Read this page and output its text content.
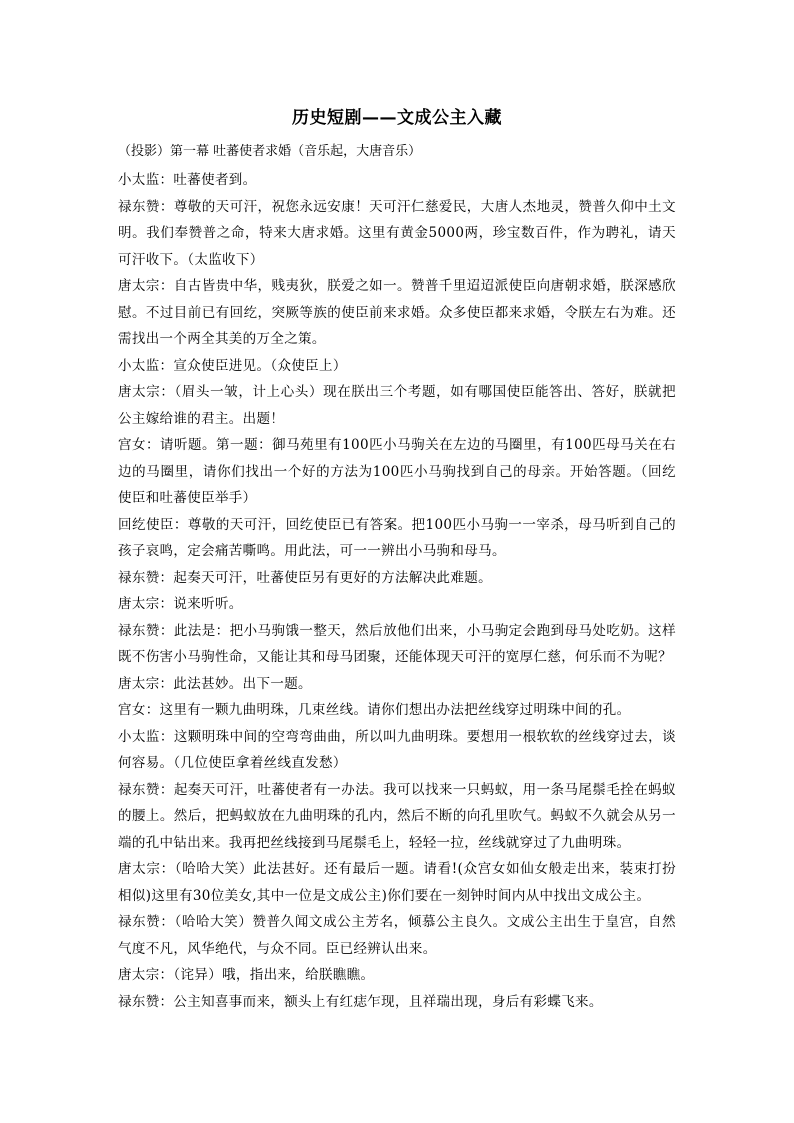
历史短剧——文成公主入藏

（投影）第一幕 吐蕃使者求婚（音乐起，大唐音乐）

小太监：吐蕃使者到。

禄东赞：尊敬的天可汗，祝您永远安康！天可汗仁慈爱民，大唐人杰地灵，赞普久仰中土文明。我们奉赞普之命，特来大唐求婚。这里有黄金5000两，珍宝数百件，作为聘礼，请天可汗收下。（太监收下）

唐太宗：自古皆贵中华，贱夷狄，朕爱之如一。赞普千里迢迢派使臣向唐朝求婚，朕深感欣慰。不过目前已有回纥，突厥等族的使臣前来求婚。众多使臣都来求婚，令朕左右为难。还需找出一个两全其美的万全之策。

小太监：宣众使臣进见。（众使臣上）

唐太宗：（眉头一皱，计上心头）现在朕出三个考题，如有哪国使臣能答出、答好，朕就把公主嫁给谁的君主。出题！

宫女：请听题。第一题：御马苑里有100匹小马驹关在左边的马圈里，有100匹母马关在右边的马圈里，请你们找出一个好的方法为100匹小马驹找到自己的母亲。开始答题。（回纥使臣和吐蕃使臣举手）

回纥使臣：尊敬的天可汗，回纥使臣已有答案。把100匹小马驹一一宰杀，母马听到自己的孩子哀鸣，定会痛苦嘶鸣。用此法，可一一辨出小马驹和母马。

禄东赞：起奏天可汗，吐蕃使臣另有更好的方法解决此难题。

唐太宗：说来听听。

禄东赞：此法是：把小马驹饿一整天，然后放他们出来，小马驹定会跑到母马处吃奶。这样既不伤害小马驹性命，又能让其和母马团聚，还能体现天可汗的宽厚仁慈，何乐而不为呢？

唐太宗：此法甚妙。出下一题。

宫女：这里有一颗九曲明珠，几束丝线。请你们想出办法把丝线穿过明珠中间的孔。

小太监：这颗明珠中间的空弯弯曲曲，所以叫九曲明珠。要想用一根软软的丝线穿过去，谈何容易。（几位使臣拿着丝线直发愁）

禄东赞：起奏天可汗，吐蕃使者有一办法。我可以找来一只蚂蚁，用一条马尾鬃毛拴在蚂蚁的腰上。然后，把蚂蚁放在九曲明珠的孔内，然后不断的向孔里吹气。蚂蚁不久就会从另一端的孔中钻出来。我再把丝线接到马尾鬃毛上，轻轻一拉，丝线就穿过了九曲明珠。

唐太宗：（哈哈大笑）此法甚好。还有最后一题。请看!(众宫女如仙女般走出来，装束打扮相似)这里有30位美女,其中一位是文成公主)你们要在一刻钟时间内从中找出文成公主。

禄东赞：（哈哈大笑）赞普久闻文成公主芳名，倾慕公主良久。文成公主出生于皇宫，自然气度不凡，风华绝代，与众不同。臣已经辨认出来。

唐太宗：（诧异）哦，指出来，给朕瞧瞧。

禄东赞：公主知喜事而来，额头上有红痣乍现，且祥瑞出现，身后有彩蝶飞来。
